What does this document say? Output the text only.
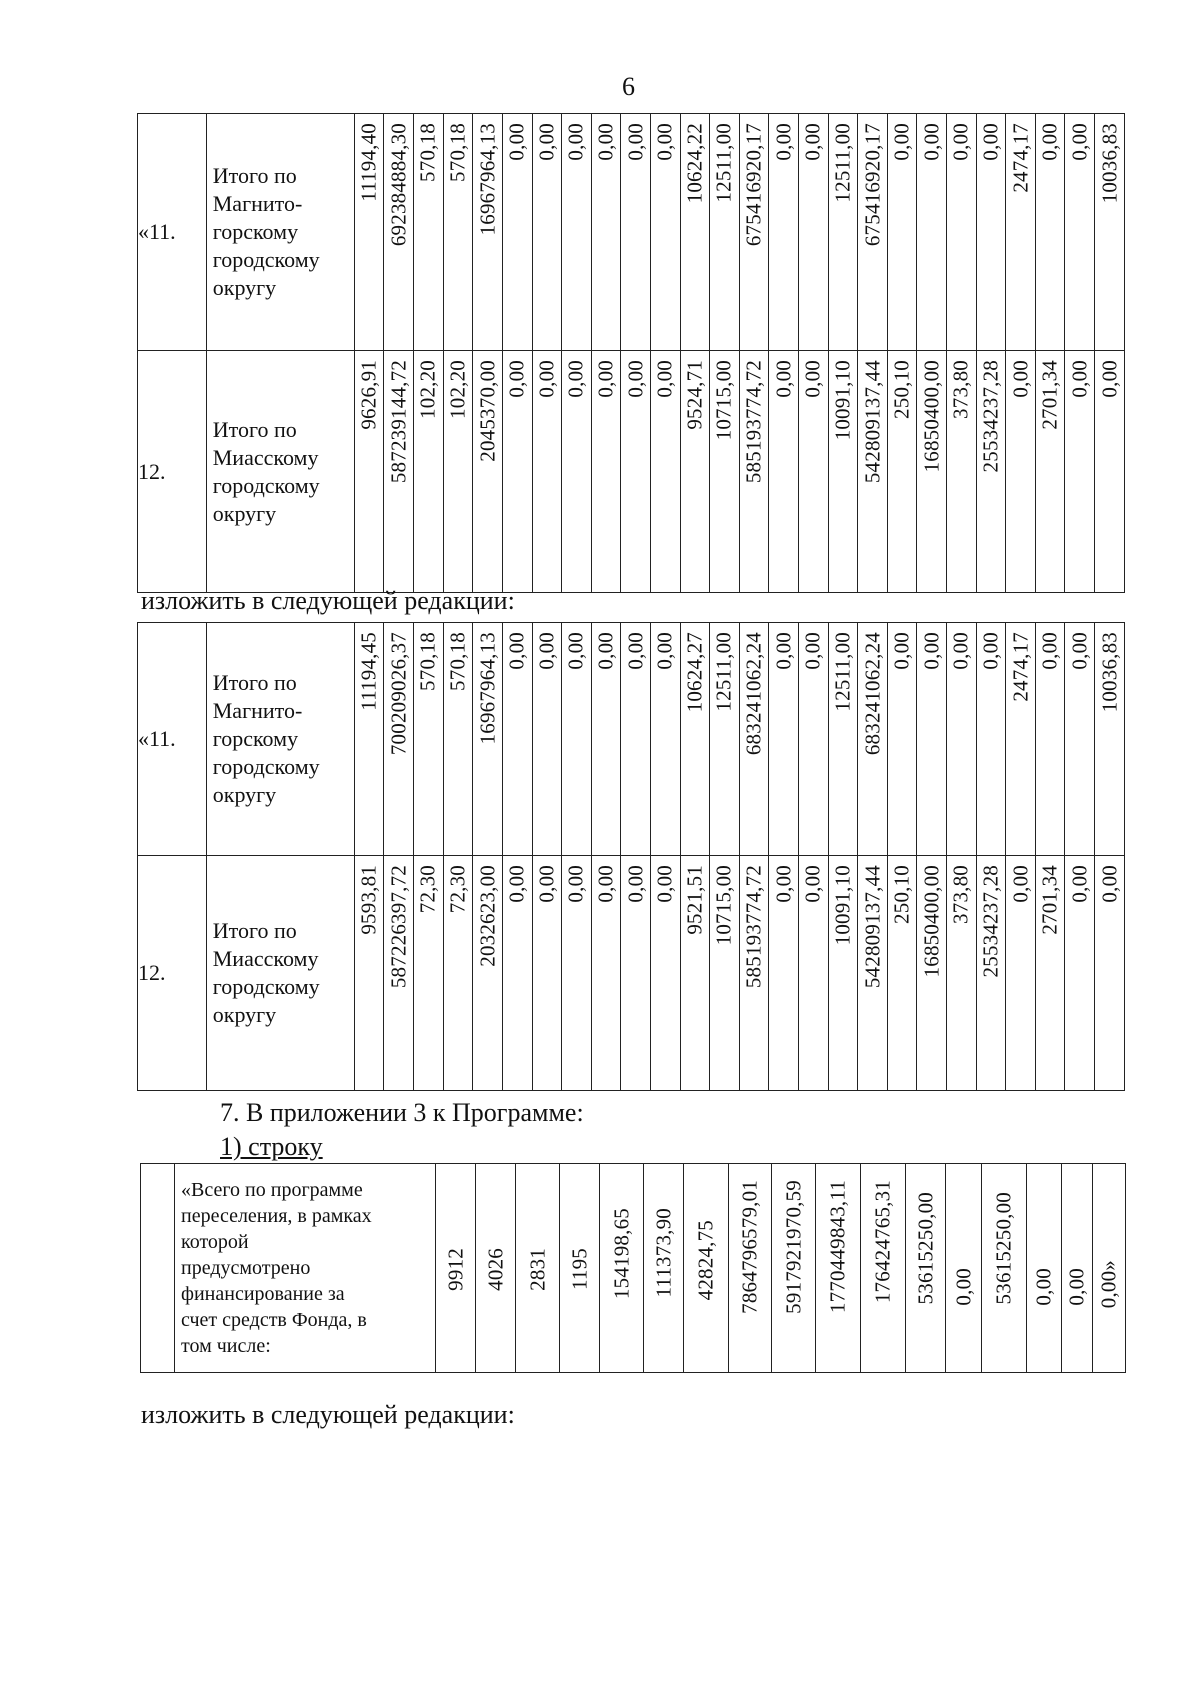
6
«11.	Итого по
Магнито-
горскому
городскому
округу	11194,40	692384884,30	570,18	570,18	16967964,13	0,00	0,00	0,00	0,00	0,00	0,00	10624,22	12511,00	675416920,17	0,00	0,00	12511,00	675416920,17	0,00	0,00	0,00	0,00	2474,17	0,00	0,00	10036,83

12.	Итого по
Миасскому
городскому
округу	9626,91	587239144,72	102,20	102,20	2045370,00	0,00	0,00	0,00	0,00	0,00	0,00	9524,71	10715,00	585193774,72	0,00	0,00	10091,10	542809137,44	250,10	16850400,00	373,80	25534237,28	0,00	2701,34	0,00	0,00
изложить в следующей редакции:
«11.	Итого по
Магнито-
горскому
городскому
округу	11194,45	700209026,37	570,18	570,18	16967964,13	0,00	0,00	0,00	0,00	0,00	0,00	10624,27	12511,00	683241062,24	0,00	0,00	12511,00	683241062,24	0,00	0,00	0,00	0,00	2474,17	0,00	0,00	10036,83

12.	Итого по
Миасскому
городскому
округу	9593,81	587226397,72	72,30	72,30	2032623,00	0,00	0,00	0,00	0,00	0,00	0,00	9521,51	10715,00	585193774,72	0,00	0,00	10091,10	542809137,44	250,10	16850400,00	373,80	25534237,28	0,00	2701,34	0,00	0,00
7. В приложении 3 к Программе:
1) строку

«Всего по программе
переселения, в рамках
которой
предусмотрено
финансирование за
счет средств Фонда, в
том числе:

9912	4026	2831	1195	154198,65	111373,90	42824,75	7864796579,01	5917921970,59	1770449843,11	176424765,31	53615250,00	0,00	53615250,00	0,00	0,00	0,00»
изложить в следующей редакции:
